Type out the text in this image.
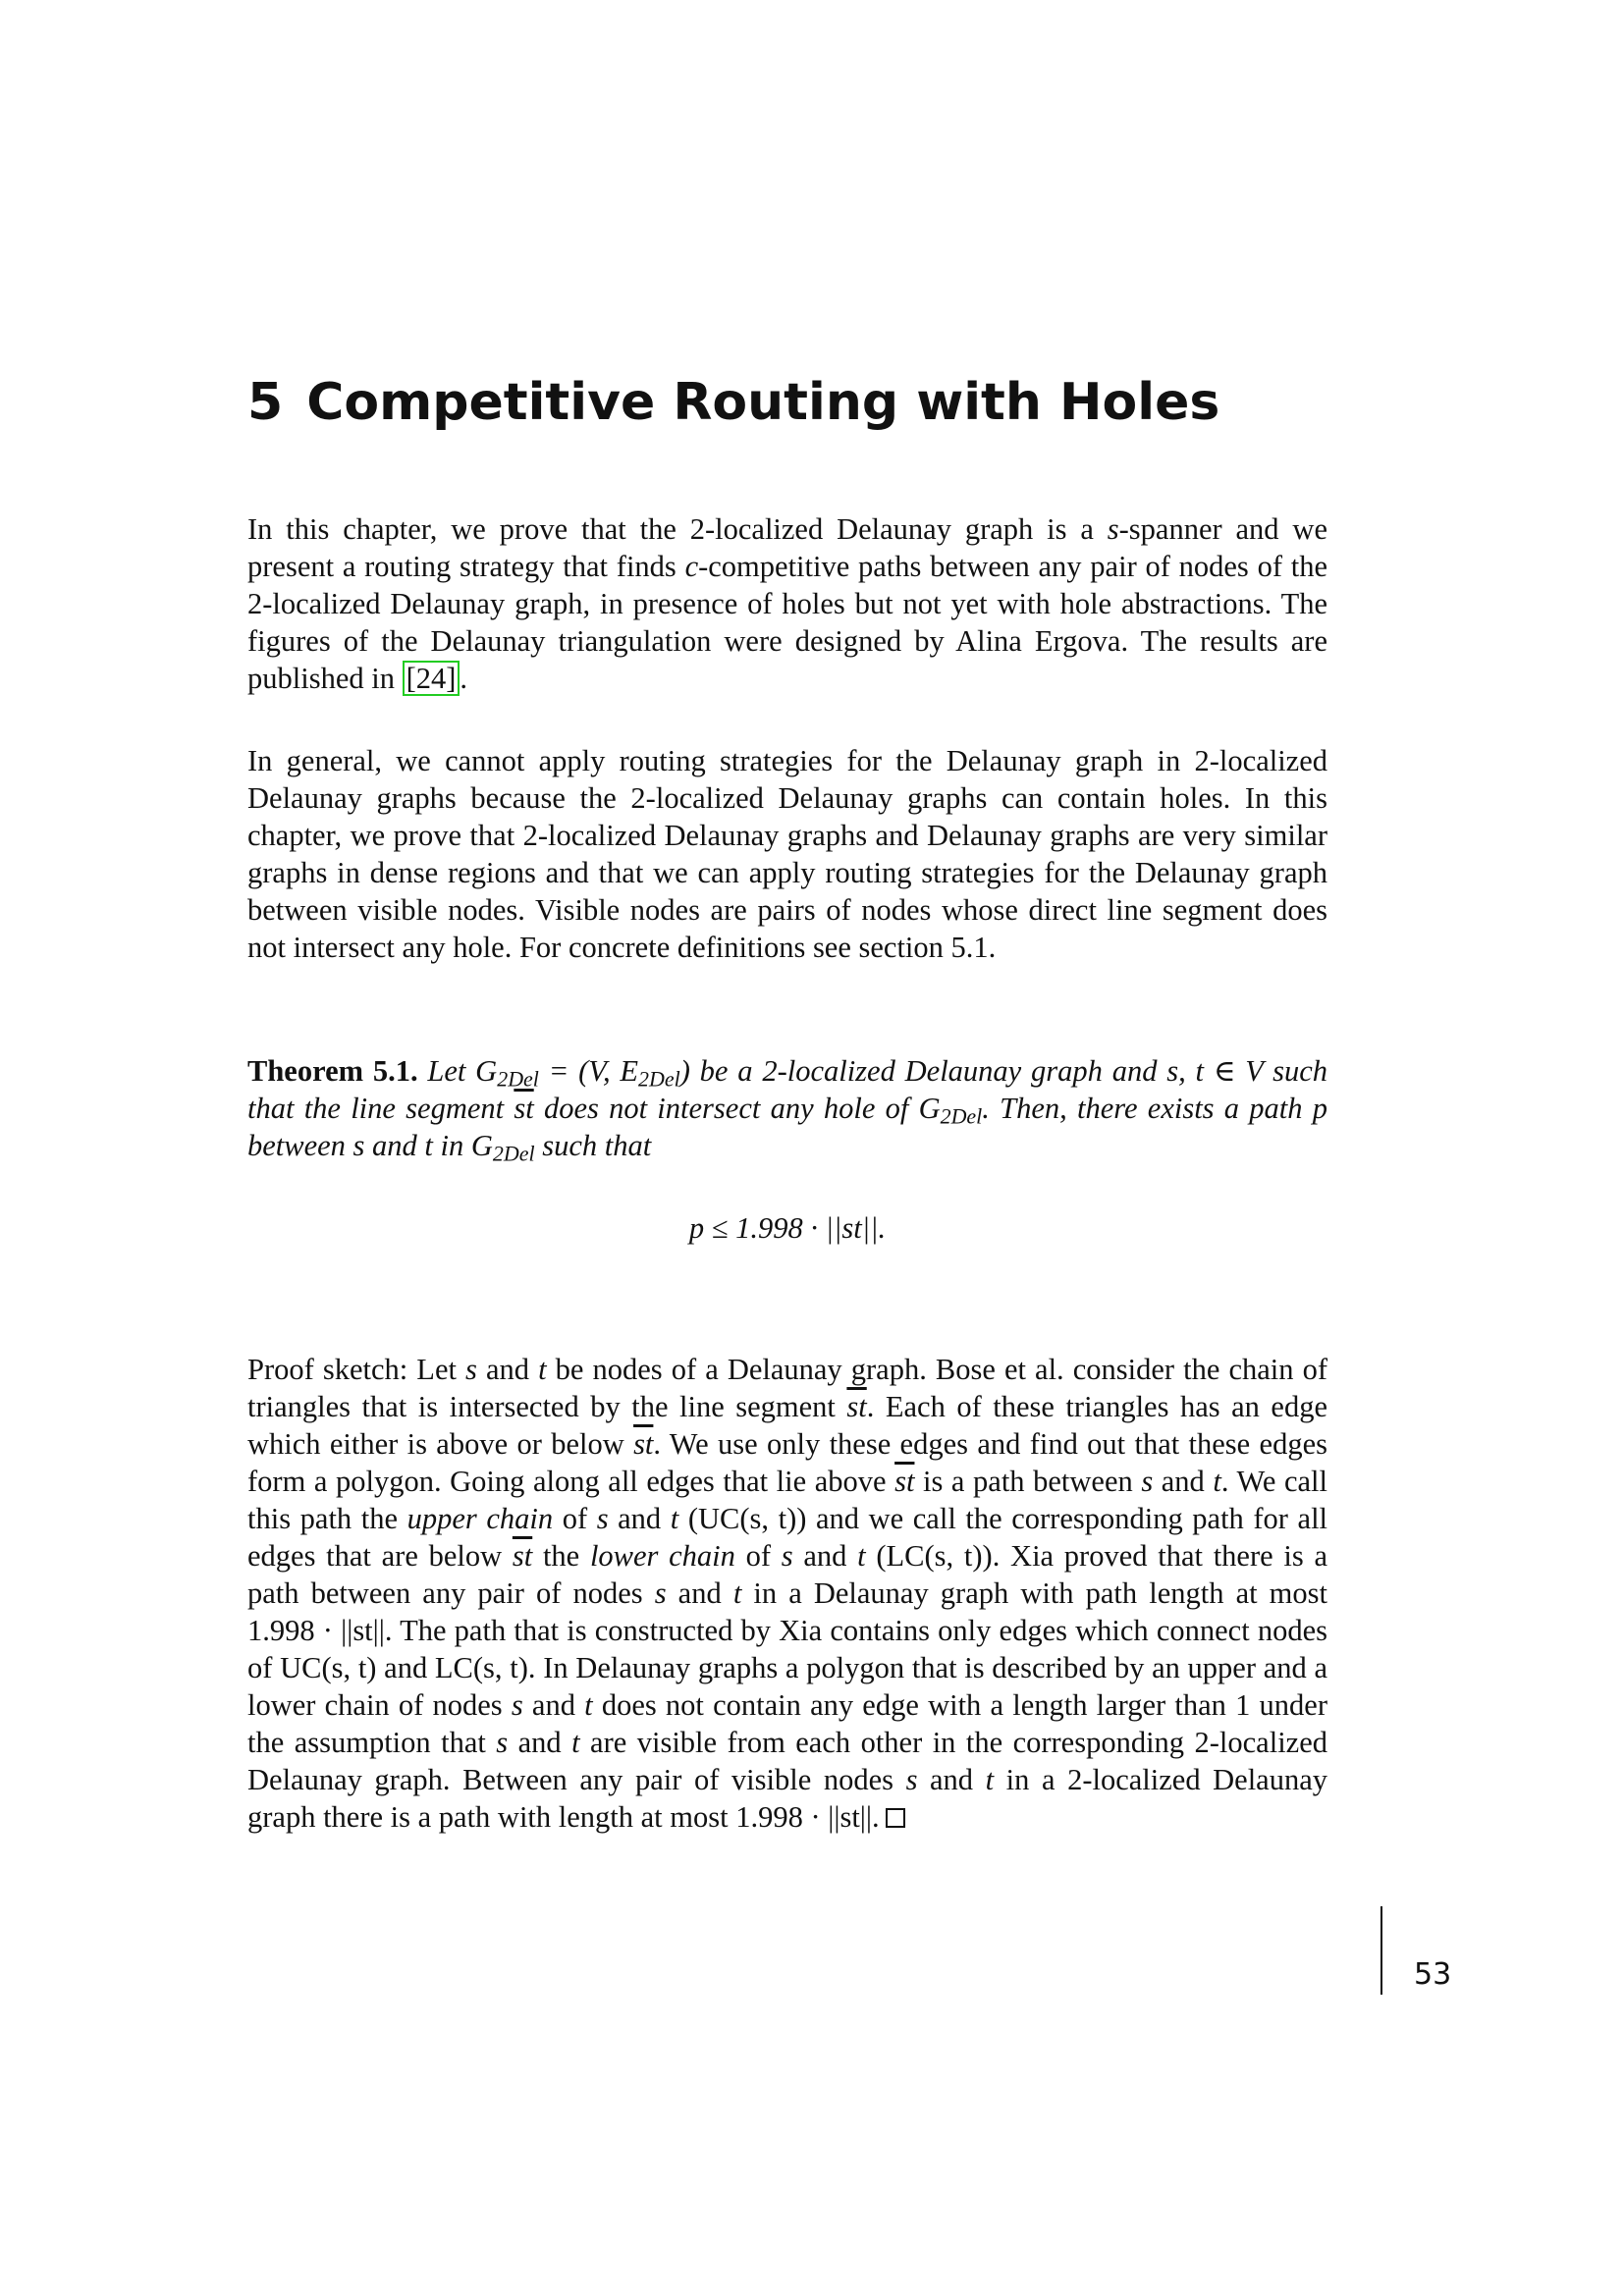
5 Competitive Routing with Holes

In this chapter, we prove that the 2-localized Delaunay graph is a s-spanner and we present a routing strategy that finds c-competitive paths between any pair of nodes of the 2-localized Delaunay graph, in presence of holes but not yet with hole abstractions. The figures of the Delaunay triangulation were designed by Alina Ergova. The results are published in [24] .

In general, we cannot apply routing strategies for the Delaunay graph in 2-localized Delaunay graphs because the 2-localized Delaunay graphs can contain holes. In this chapter, we prove that 2-localized Delaunay graphs and Delaunay graphs are very similar graphs in dense regions and that we can apply routing strategies for the Delaunay graph between visible nodes. Visible nodes are pairs of nodes whose direct line segment does not intersect any hole. For concrete definitions see section 5.1.

Theorem 5.1. Let $G_{2Del} = (V$, $E_{2Del}$) be a 2-localized Delaunay graph and s, t ∈ V such that the line segment $\overline{st}$ does not intersect any hole of $G_{2Del}$. Then, there exists a path p between s and t in $G_{2Del}$ such that

p ≤ 1.998 · ||st||.

Proof sketch: Let s and t be nodes of a Delaunay graph. Bose et al. consider the chain of triangles that is intersected by the line segment $\overline{st}$. Each of these triangles has an edge which either is above or below $\overline{st}$. We use only these edges and find out that these edges form a polygon. Going along all edges that lie above $\overline{st}$ is a path between s and t. We call this path the upper chain of s and t (UC(s, t)) and we call the corresponding path for all edges that are below $\overline{st}$ the lower chain of s and t (LC(s, t)). Xia proved that there is a path between any pair of nodes s and t in a Delaunay graph with path length at most 1.998 · ||st||. The path that is constructed by Xia contains only edges which connect nodes of UC(s, t) and LC(s, t). In Delaunay graphs a polygon that is described by an upper and a lower chain of nodes s and t does not contain any edge with a length larger than 1 under the assumption that s and t are visible from each other in the corresponding 2-localized Delaunay graph. Between any pair of visible nodes s and t in a 2-localized Delaunay graph there is a path with length at most 1.998 · ||st||.

53
